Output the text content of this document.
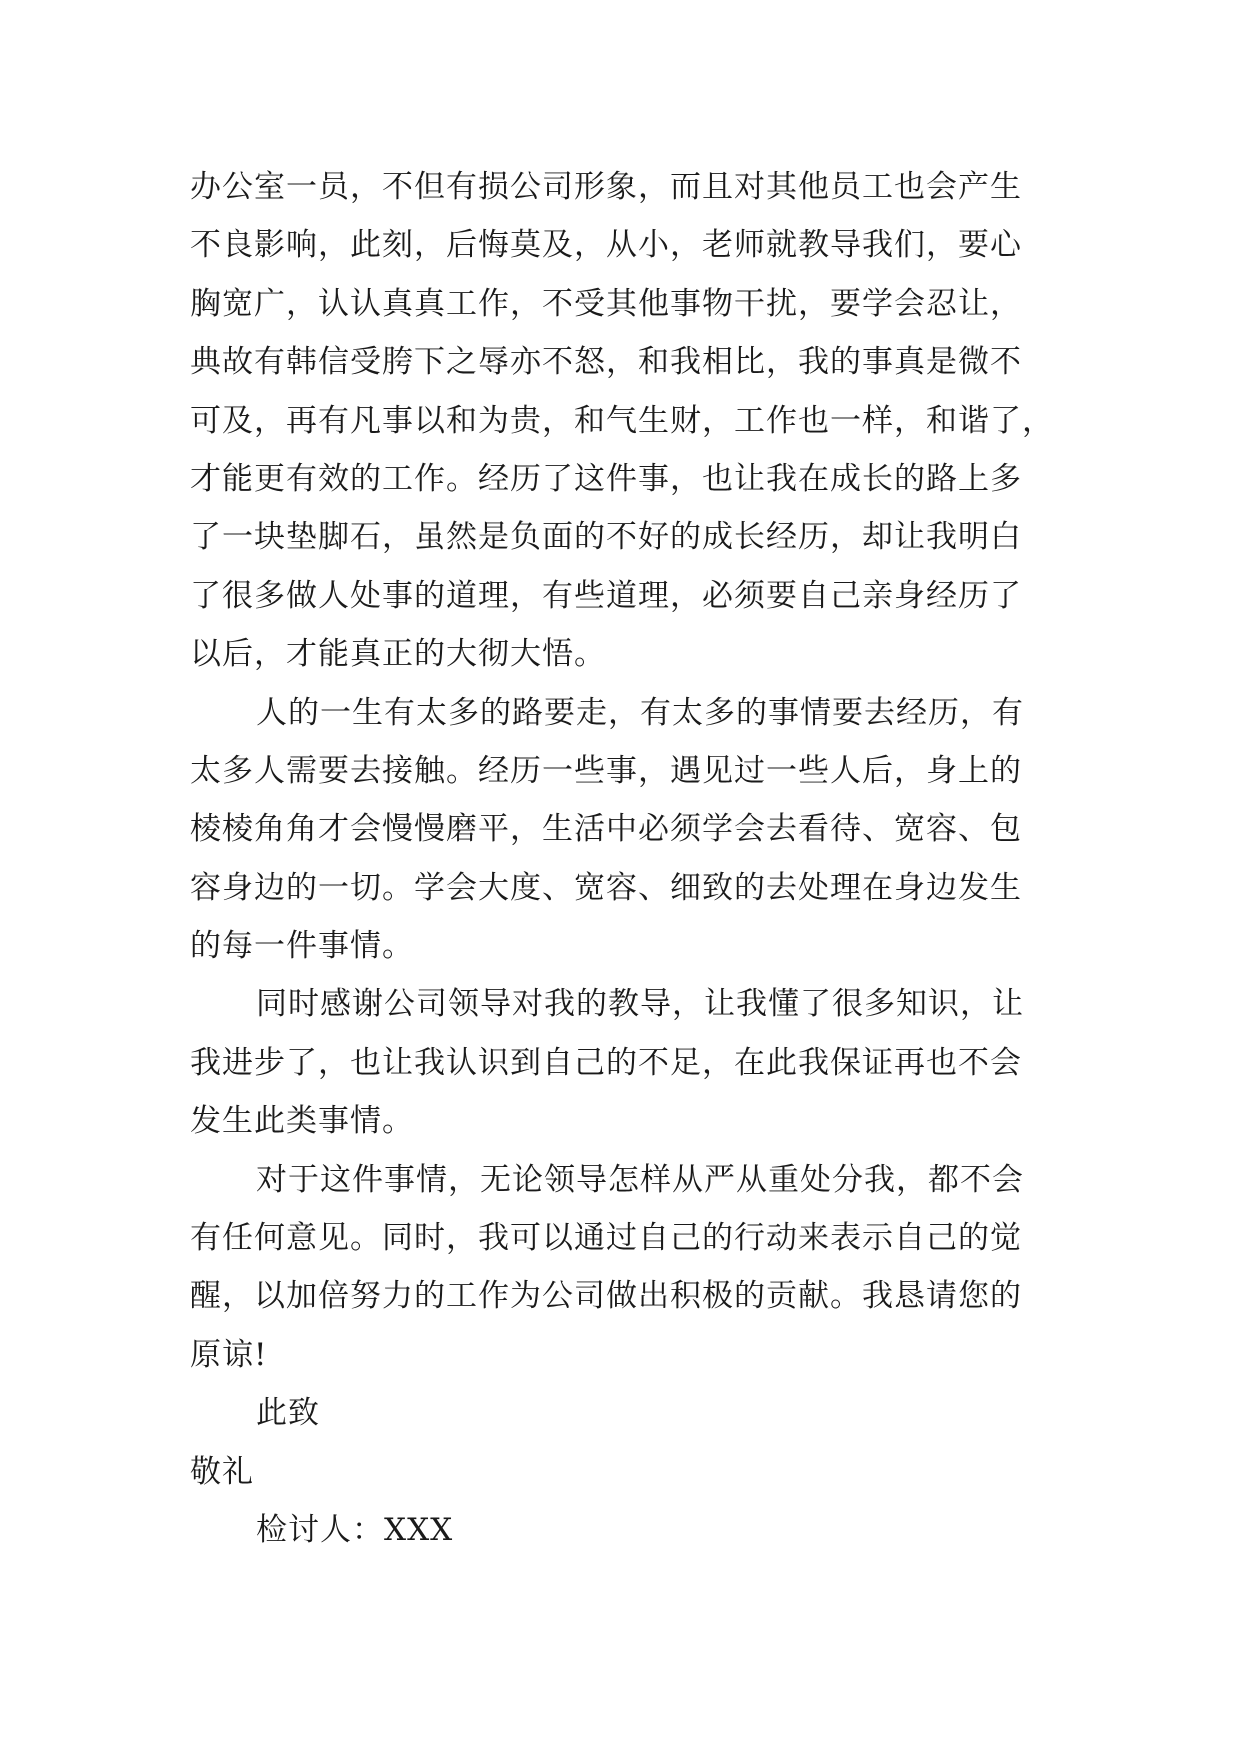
办公室一员，不但有损公司形象，而且对其他员工也会产生
不良影响，此刻，后悔莫及，从小，老师就教导我们，要心
胸宽广，认认真真工作，不受其他事物干扰，要学会忍让，
典故有韩信受胯下之辱亦不怒，和我相比，我的事真是微不
可及，再有凡事以和为贵，和气生财，工作也一样，和谐了，
才能更有效的工作。经历了这件事，也让我在成长的路上多
了一块垫脚石，虽然是负面的不好的成长经历，却让我明白
了很多做人处事的道理，有些道理，必须要自己亲身经历了
以后，才能真正的大彻大悟。
人的一生有太多的路要走，有太多的事情要去经历，有
太多人需要去接触。经历一些事，遇见过一些人后，身上的
棱棱角角才会慢慢磨平，生活中必须学会去看待、宽容、包
容身边的一切。学会大度、宽容、细致的去处理在身边发生
的每一件事情。
同时感谢公司领导对我的教导，让我懂了很多知识，让
我进步了，也让我认识到自己的不足，在此我保证再也不会
发生此类事情。
对于这件事情，无论领导怎样从严从重处分我，都不会
有任何意见。同时，我可以通过自己的行动来表示自己的觉
醒，以加倍努力的工作为公司做出积极的贡献。我恳请您的
原谅!
此致
敬礼
检讨人：XXX
